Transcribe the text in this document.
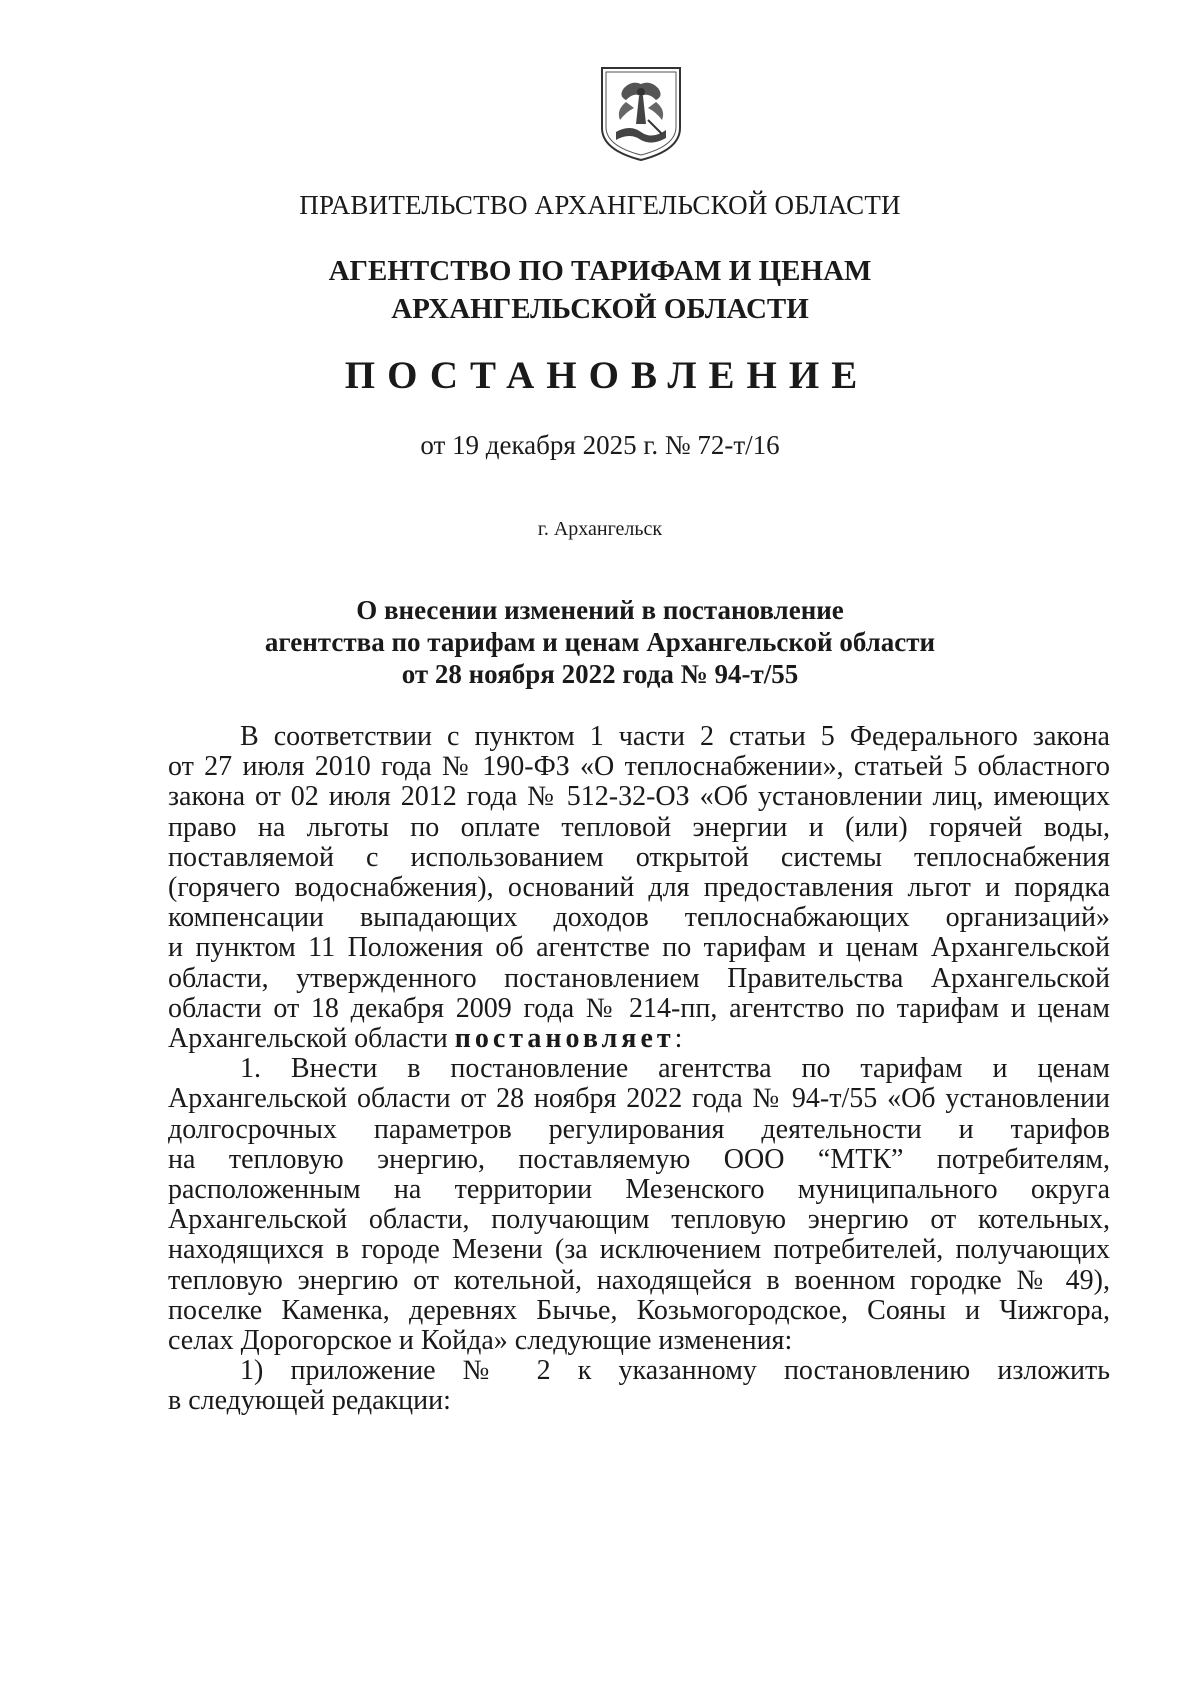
ПРАВИТЕЛЬСТВО АРХАНГЕЛЬСКОЙ ОБЛАСТИ
АГЕНТСТВО ПО ТАРИФАМ И ЦЕНАМ
АРХАНГЕЛЬСКОЙ ОБЛАСТИ
ПОСТАНОВЛЕНИЕ
от 19 декабря 2025 г. № 72-т/16
г. Архангельск
О внесении изменений в постановление
агентства по тарифам и ценам Архангельской области
от 28 ноября 2022 года № 94-т/55
В соответствии с пунктом 1 части 2 статьи 5 Федерального закона
от 27 июля 2010 года № 190-ФЗ «О теплоснабжении», статьей 5 областного
закона от 02 июля 2012 года № 512-32-ОЗ «Об установлении лиц, имеющих
право на льготы по оплате тепловой энергии и (или) горячей воды,
поставляемой с использованием открытой системы теплоснабжения
(горячего водоснабжения), оснований для предоставления льгот и порядка
компенсации выпадающих доходов теплоснабжающих организаций»
и пунктом 11 Положения об агентстве по тарифам и ценам Архангельской
области, утвержденного постановлением Правительства Архангельской
области от 18 декабря 2009 года № 214-пп, агентство по тарифам и ценам
Архангельской области постановляет:
1. Внести в постановление агентства по тарифам и ценам
Архангельской области от 28 ноября 2022 года № 94-т/55 «Об установлении
долгосрочных параметров регулирования деятельности и тарифов
на тепловую энергию, поставляемую ООО “МТК” потребителям,
расположенным на территории Мезенского муниципального округа
Архангельской области, получающим тепловую энергию от котельных,
находящихся в городе Мезени (за исключением потребителей, получающих
тепловую энергию от котельной, находящейся в военном городке № 49),
поселке Каменка, деревнях Бычье, Козьмогородское, Сояны и Чижгора,
селах Дорогорское и Койда» следующие изменения:
1) приложение № 2 к указанному постановлению изложить
в следующей редакции:
